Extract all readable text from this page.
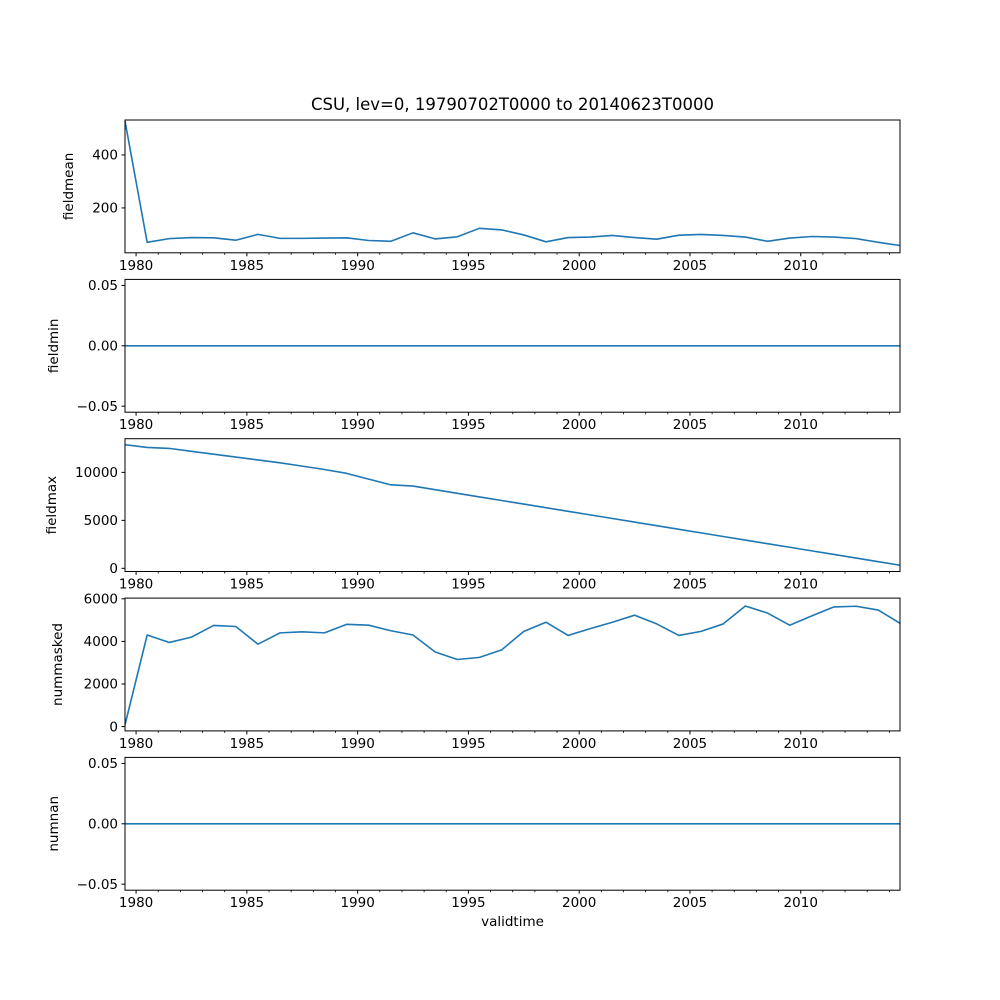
CSU, lev=0, 19790702T0000 to 20140623T0000
1980	1985	1990	1995	2000	2005	2010
200
400
fieldmean
1980	1985	1990	1995	2000	2005	2010
−0.05
0.00
0.05
fieldmin
1980	1985	1990	1995	2000	2005	2010
0
5000
10000
fieldmax
1980	1985	1990	1995	2000	2005	2010
0
2000
4000
6000
nummasked
1980	1985	1990	1995	2000	2005	2010
−0.05
0.00
0.05
numnan
validtime
